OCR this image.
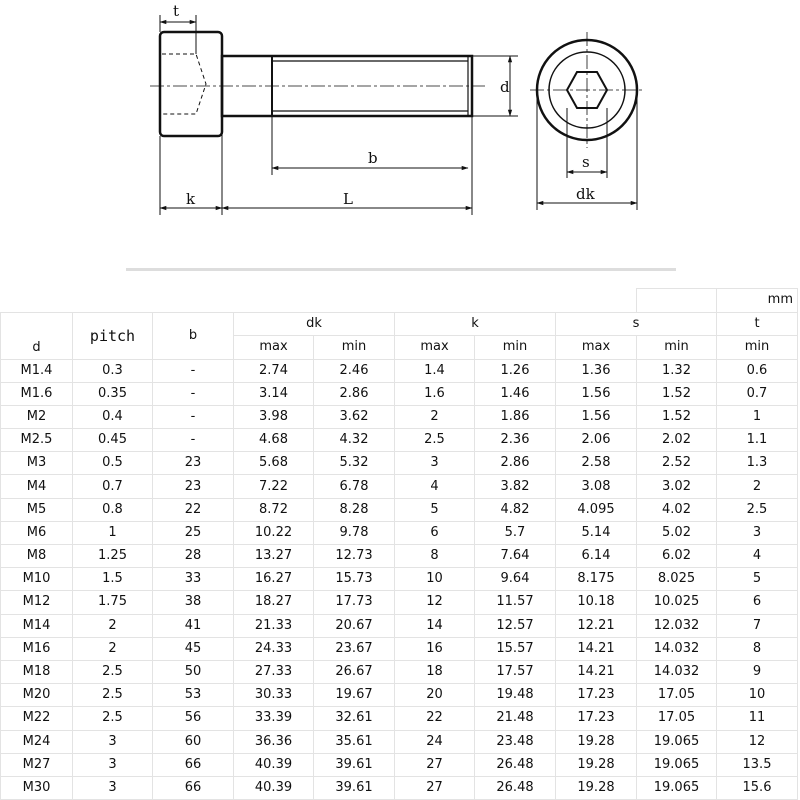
t
d
b
k	L
s
dk
									mm
d	pitch	b	dk		k		s		t
			max	min	max	min	max	min	min
M1.4	0.3	-	2.74	2.46	1.4	1.26	1.36	1.32	0.6
M1.6	0.35	-	3.14	2.86	1.6	1.46	1.56	1.52	0.7
M2	0.4	-	3.98	3.62	2	1.86	1.56	1.52	1
M2.5	0.45	-	4.68	4.32	2.5	2.36	2.06	2.02	1.1
M3	0.5	23	5.68	5.32	3	2.86	2.58	2.52	1.3
M4	0.7	23	7.22	6.78	4	3.82	3.08	3.02	2
M5	0.8	22	8.72	8.28	5	4.82	4.095	4.02	2.5
M6	1	25	10.22	9.78	6	5.7	5.14	5.02	3
M8	1.25	28	13.27	12.73	8	7.64	6.14	6.02	4
M10	1.5	33	16.27	15.73	10	9.64	8.175	8.025	5
M12	1.75	38	18.27	17.73	12	11.57	10.18	10.025	6
M14	2	41	21.33	20.67	14	12.57	12.21	12.032	7
M16	2	45	24.33	23.67	16	15.57	14.21	14.032	8
M18	2.5	50	27.33	26.67	18	17.57	14.21	14.032	9
M20	2.5	53	30.33	19.67	20	19.48	17.23	17.05	10
M22	2.5	56	33.39	32.61	22	21.48	17.23	17.05	11
M24	3	60	36.36	35.61	24	23.48	19.28	19.065	12
M27	3	66	40.39	39.61	27	26.48	19.28	19.065	13.5
M30	3	66	40.39	39.61	27	26.48	19.28	19.065	15.6
